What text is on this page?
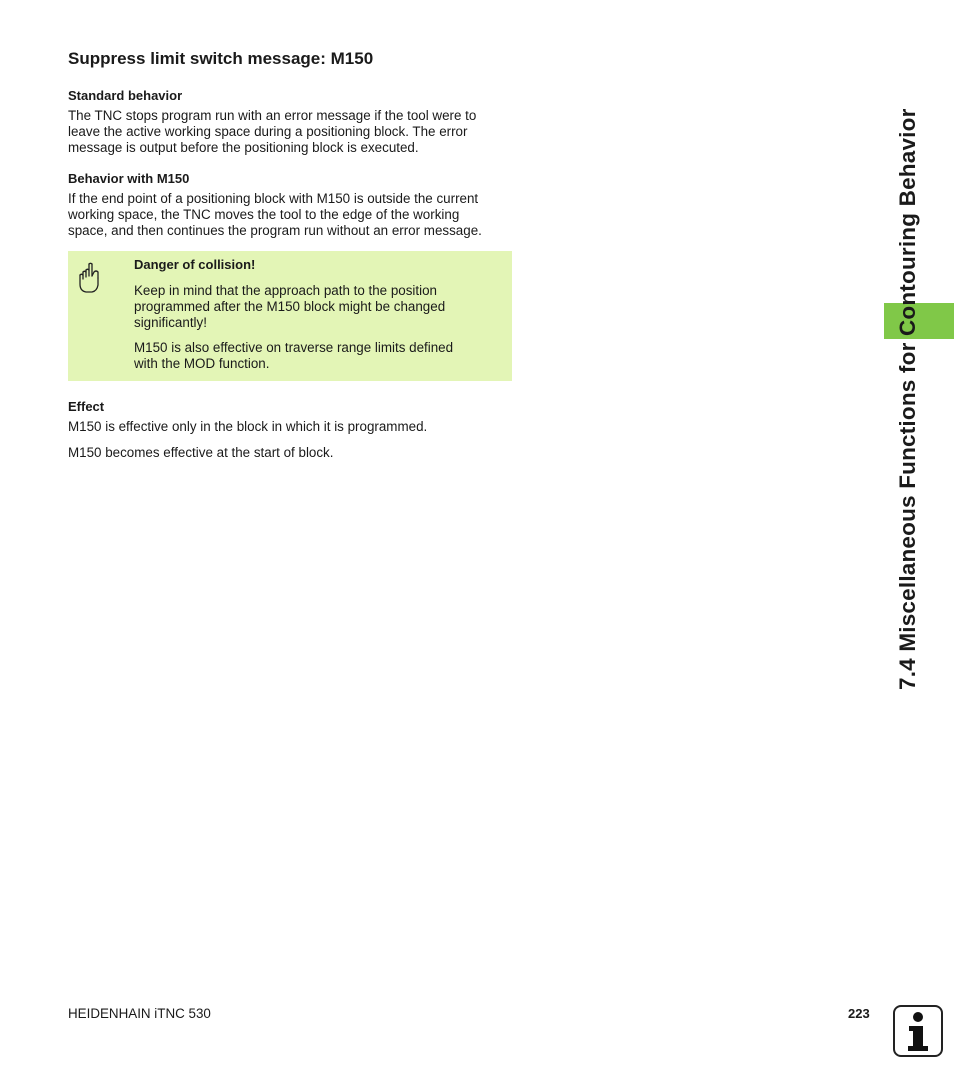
Suppress limit switch message: M150
Standard behavior

The TNC stops program run with an error message if the tool were to
leave the active working space during a positioning block. The error
message is output before the positioning block is executed.

Behavior with M150

If the end point of a positioning block with M150 is outside the current
working space, the TNC moves the tool to the edge of the working
space, and then continues the program run without an error message.

Danger of collision!

Keep in mind that the approach path to the position
programmed after the M150 block might be changed
significantly!

M150 is also effective on traverse range limits defined
with the MOD function.

Effect

M150 is effective only in the block in which it is programmed.

M150 becomes effective at the start of block.	7.4 Miscellaneous Functions for Contouring Behavior

HEIDENHAIN iTNC 530	223
